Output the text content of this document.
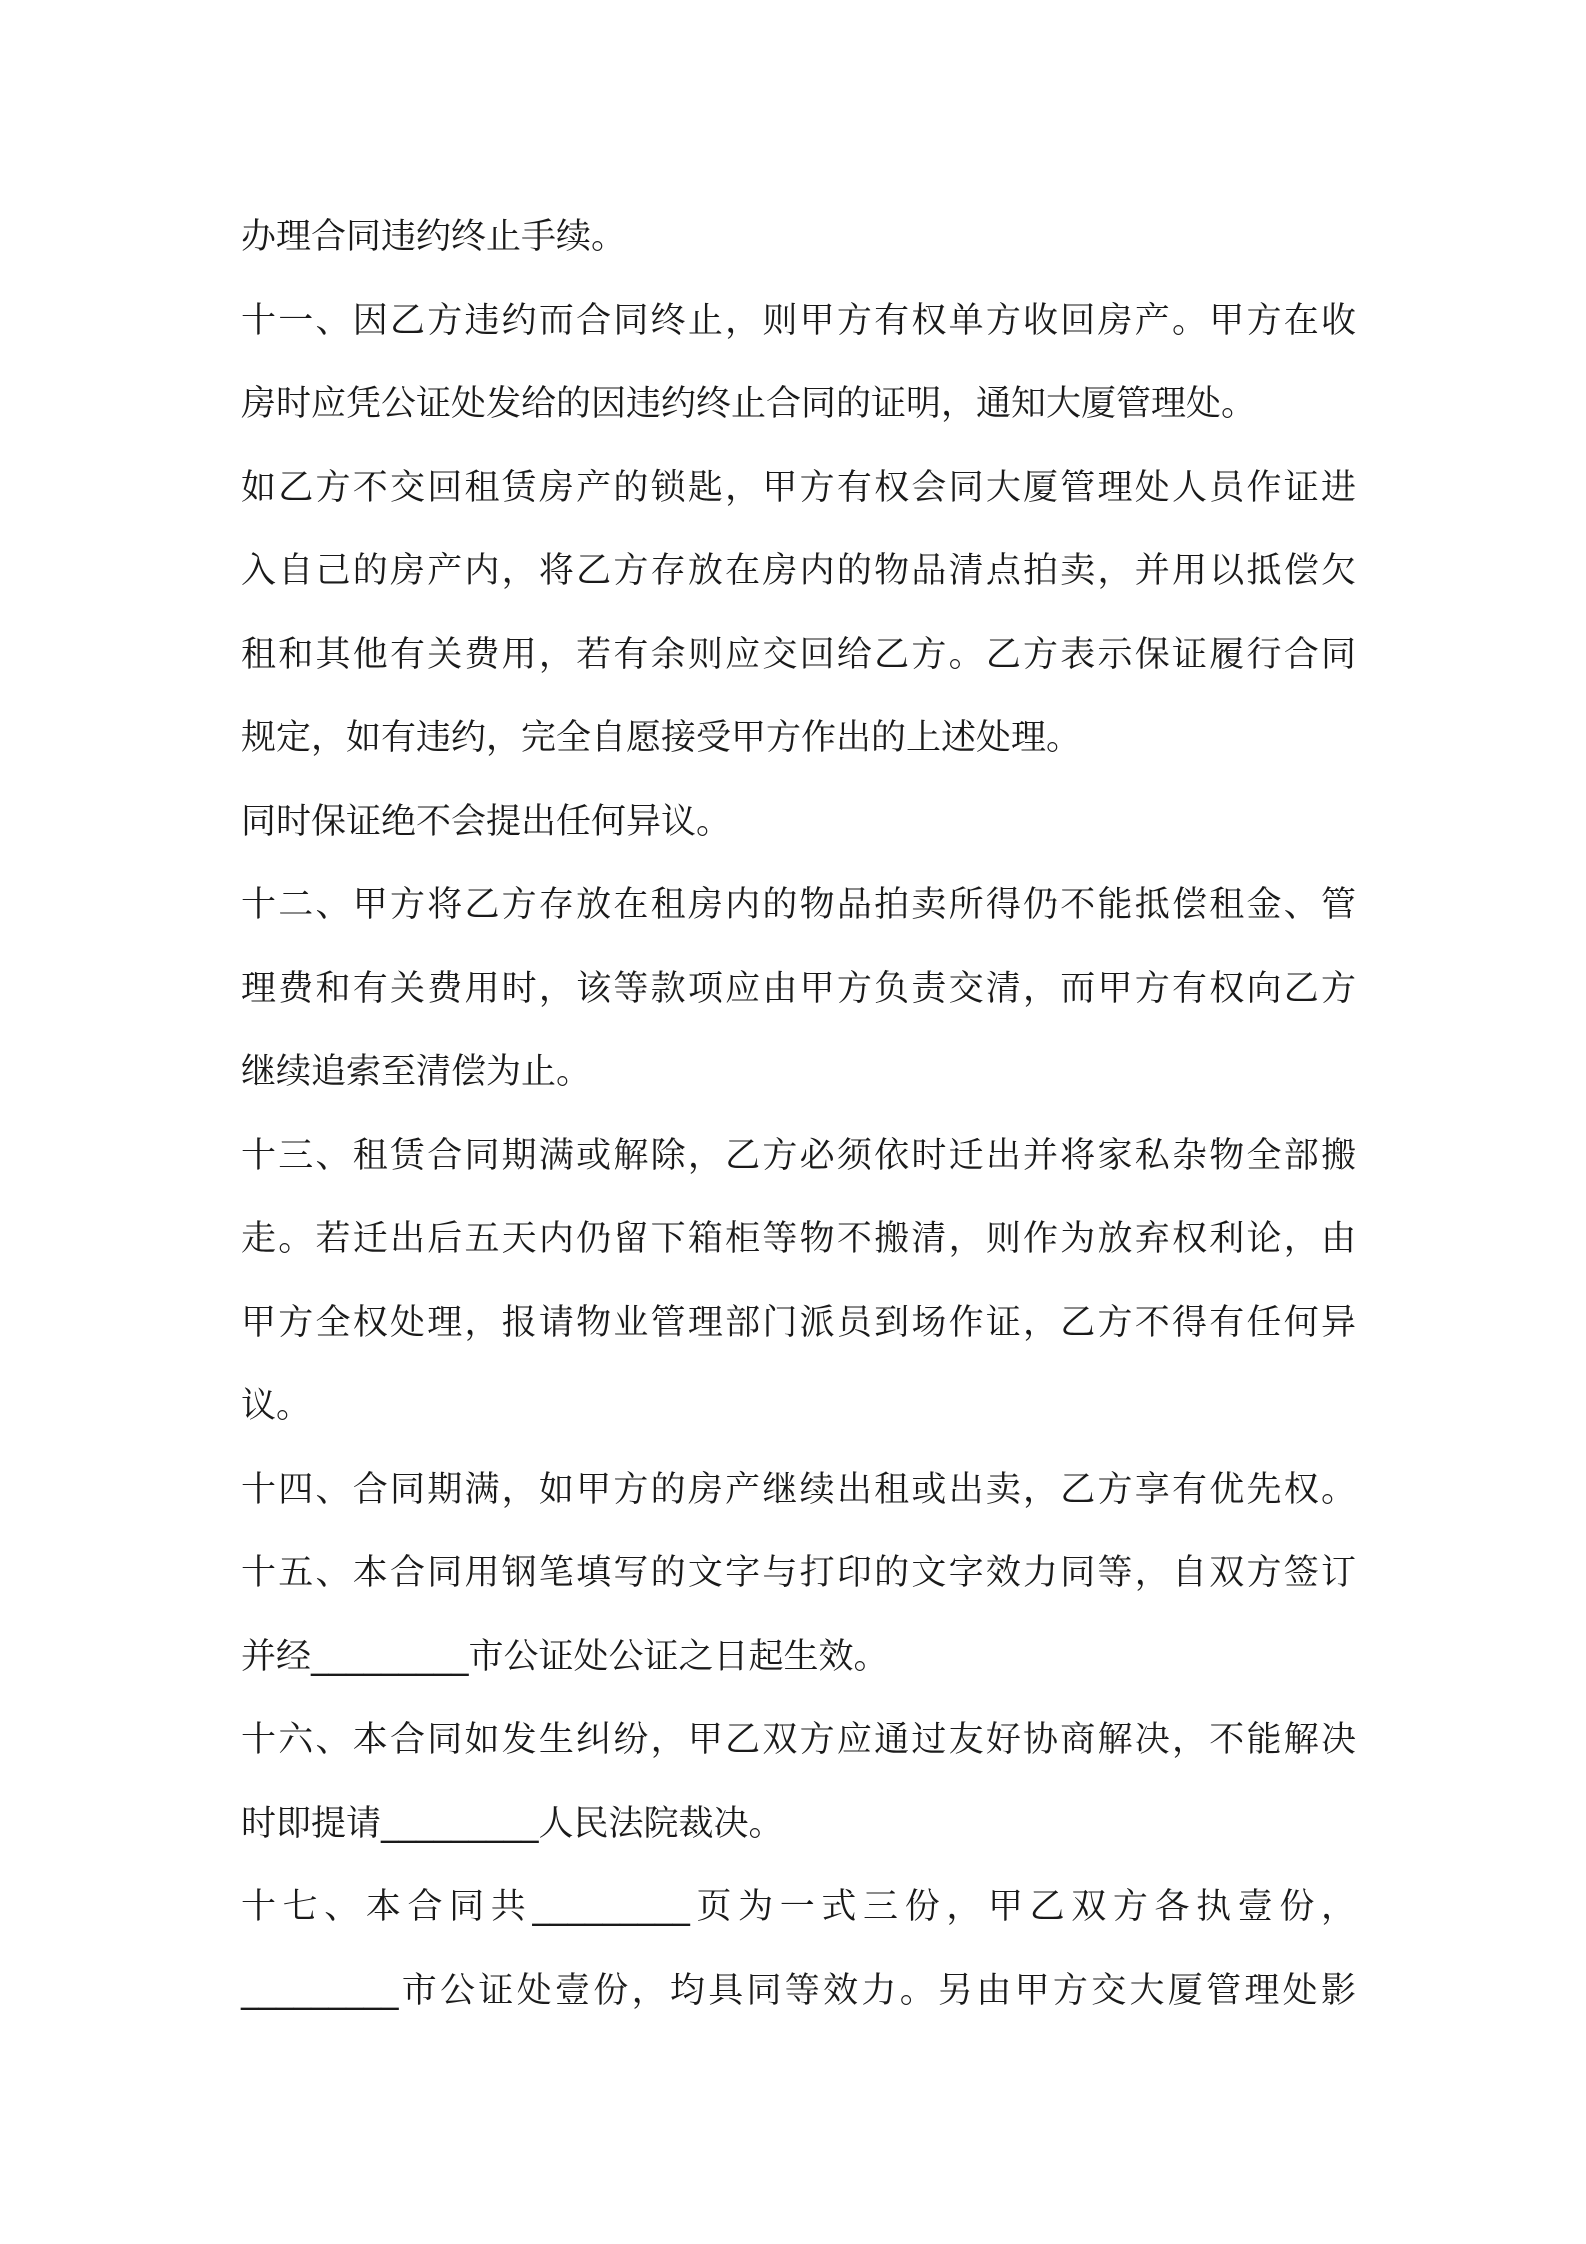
办理合同违约终止手续。
十一、因乙方违约而合同终止，则甲方有权单方收回房产。甲方在收
房时应凭公证处发给的因违约终止合同的证明，通知大厦管理处。
如乙方不交回租赁房产的锁匙，甲方有权会同大厦管理处人员作证进
入自己的房产内，将乙方存放在房内的物品清点拍卖，并用以抵偿欠
租和其他有关费用，若有余则应交回给乙方。乙方表示保证履行合同
规定，如有违约，完全自愿接受甲方作出的上述处理。
同时保证绝不会提出任何异议。
十二、甲方将乙方存放在租房内的物品拍卖所得仍不能抵偿租金、管
理费和有关费用时，该等款项应由甲方负责交清，而甲方有权向乙方
继续追索至清偿为止。
十三、租赁合同期满或解除，乙方必须依时迁出并将家私杂物全部搬
走。若迁出后五天内仍留下箱柜等物不搬清，则作为放弃权利论，由
甲方全权处理，报请物业管理部门派员到场作证，乙方不得有任何异
议。
十四、合同期满，如甲方的房产继续出租或出卖，乙方享有优先权。
十五、本合同用钢笔填写的文字与打印的文字效力同等，自双方签订
并经_________市公证处公证之日起生效。
十六、本合同如发生纠纷，甲乙双方应通过友好协商解决，不能解决
时即提请_________人民法院裁决。
十七、本合同共_________页为一式三份，甲乙双方各执壹份，
_________市公证处壹份，均具同等效力。另由甲方交大厦管理处影
